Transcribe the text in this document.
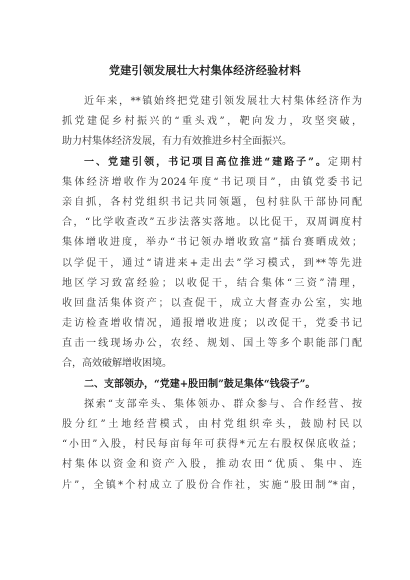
党建引领发展壮大村集体经济经验材料
近年来，**镇始终把党建引领发展壮大村集体经济作为
抓党建促乡村振兴的“重头戏”，靶向发力，攻坚突破，
助力村集体经济发展，有力有效推进乡村全面振兴。
一、党建引领，书记项目高位推进“建路子”。定期村
集体经济增收作为2024年度“书记项目”，由镇党委书记
亲自抓，各村党组织书记共同领题，包村驻队干部协同配
合，“比学收查改”五步法落实落地。以比促干，双周调度村
集体增收进度，举办“书记领办增收致富”擂台赛晒成效；
以学促干，通过“请进来+走出去”学习模式，到**等先进
地区学习致富经验；以收促干，结合集体“三资”清理，
收回盘活集体资产；以查促干，成立大督查办公室，实地
走访检查增收情况，通报增收进度；以改促干，党委书记
直击一线现场办公，农经、规划、国土等多个职能部门配
合，高效破解增收困境。
二、支部领办，“党建+股田制”鼓足集体“钱袋子”。
探索“支部牵头、集体领办、群众参与、合作经营、按
股分红”土地经营模式，由村党组织牵头，鼓励村民以
“小田”入股，村民每亩每年可获得*元左右股权保底收益；
村集体以资金和资产入股，推动农田“优质、集中、连
片”，全镇*个村成立了股份合作社，实施“股田制”*亩，
